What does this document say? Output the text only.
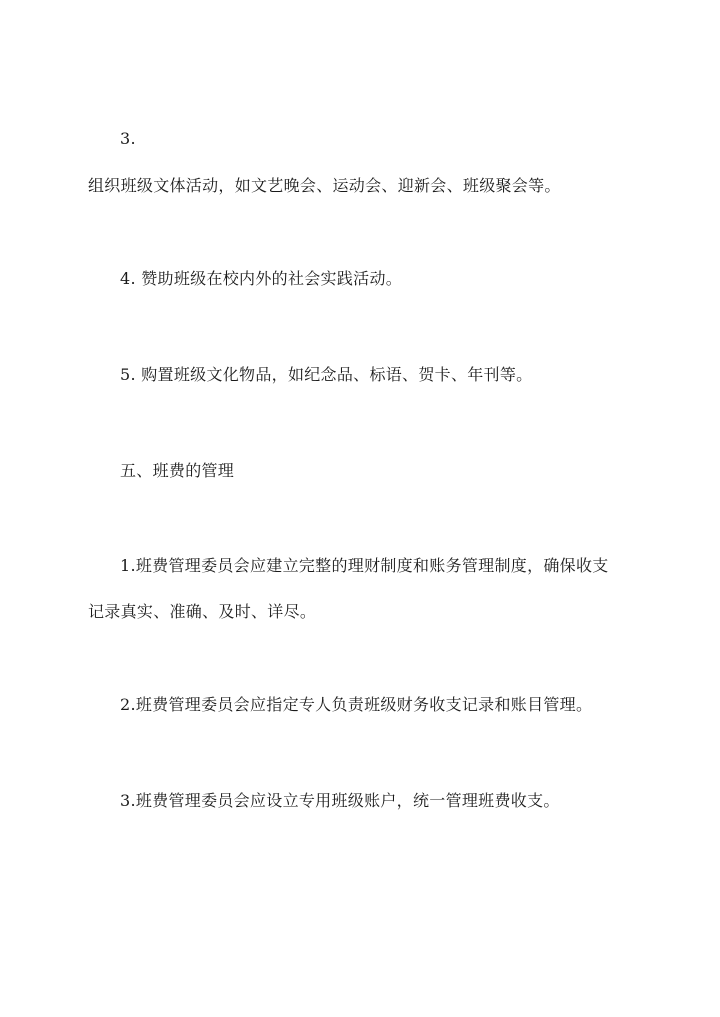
3.
组织班级文体活动，如文艺晚会、运动会、迎新会、班级聚会等。
4. 赞助班级在校内外的社会实践活动。
5. 购置班级文化物品，如纪念品、标语、贺卡、年刊等。
五、班费的管理
1.班费管理委员会应建立完整的理财制度和账务管理制度，确保收支
记录真实、准确、及时、详尽。
2.班费管理委员会应指定专人负责班级财务收支记录和账目管理。
3.班费管理委员会应设立专用班级账户，统一管理班费收支。
